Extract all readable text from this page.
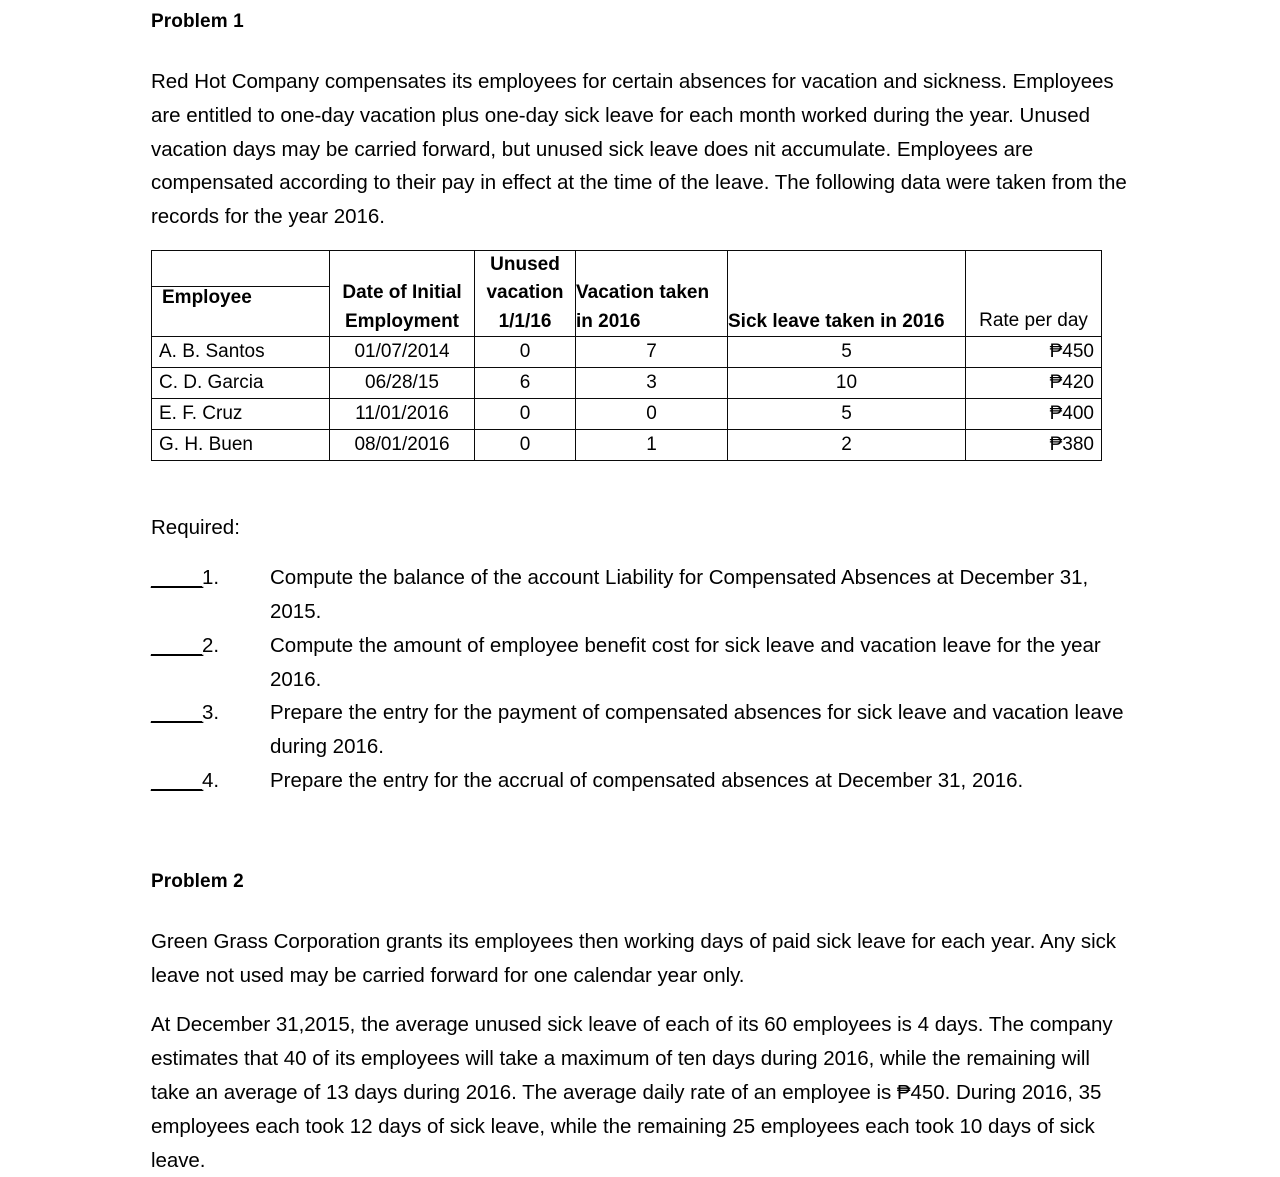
Problem 1

Red Hot Company compensates its employees for certain absences for vacation and sickness. Employees are entitled to one-day vacation plus one-day sick leave for each month worked during the year. Unused vacation days may be carried forward, but unused sick leave does nit accumulate. Employees are compensated according to their pay in effect at the time of the leave. The following data were taken from the records for the year 2016.

Employee	Date of Initial Employment	Unused vacation 1/1/16	Vacation taken in 2016	Sick leave taken in 2016	Rate per day
A. B. Santos	01/07/2014	0	7	5	₱450
C. D. Garcia	06/28/15	6	3	10	₱420
E. F. Cruz	11/01/2016	0	0	5	₱400
G. H. Buen	08/01/2016	0	1	2	₱380
Required:
_____1.	Compute the balance of the account Liability for Compensated Absences at December 31, 2015.
_____2.	Compute the amount of employee benefit cost for sick leave and vacation leave for the year 2016.
_____3.	Prepare the entry for the payment of compensated absences for sick leave and vacation leave during 2016.
_____4.	Prepare the entry for the accrual of compensated absences at December 31, 2016.
Problem 2

Green Grass Corporation grants its employees then working days of paid sick leave for each year. Any sick leave not used may be carried forward for one calendar year only.

At December 31,2015, the average unused sick leave of each of its 60 employees is 4 days. The company estimates that 40 of its employees will take a maximum of ten days during 2016, while the remaining will take an average of 13 days during 2016. The average daily rate of an employee is ₱450. During 2016, 35 employees each took 12 days of sick leave, while the remaining 25 employees each took 10 days of sick leave.
